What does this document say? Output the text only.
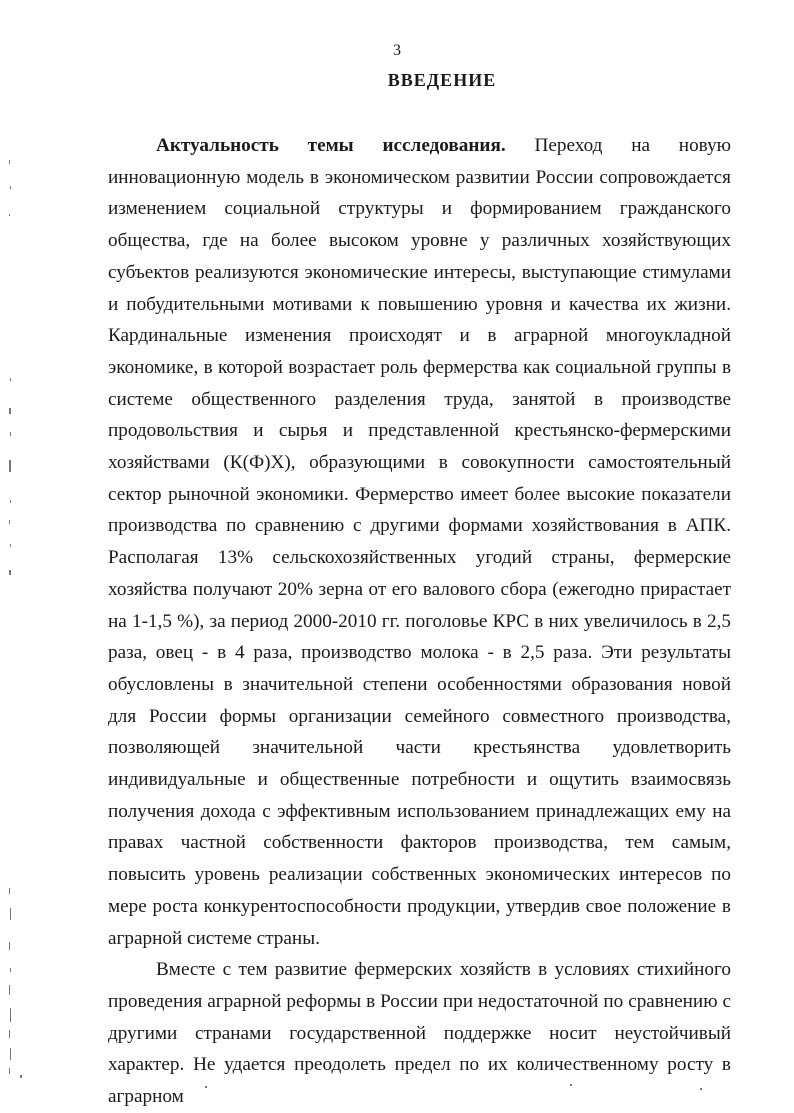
3
ВВЕДЕНИЕ

Актуальность темы исследования. Переход на новую инновационную модель в экономическом развитии России сопровождается изменением социальной структуры и формированием гражданского общества, где на более высоком уровне у различных хозяйствующих субъектов реализуются экономические интересы, выступающие стимулами и побудительными мотивами к повышению уровня и качества их жизни. Кардинальные изменения происходят и в аграрной многоукладной экономике, в которой возрастает роль фермерства как социальной группы в системе общественного разделения труда, занятой в производстве продовольствия и сырья и представленной крестьянско-фермерскими хозяйствами (К(Ф)Х), образующими в совокупности самостоятельный сектор рыночной экономики. Фермерство имеет более высокие показатели производства по сравнению с другими формами хозяйствования в АПК. Располагая 13% сельскохозяйственных угодий страны, фермерские хозяйства получают 20% зерна от его валового сбора (ежегодно прирастает на 1-1,5 %), за период 2000-2010 гг. поголовье КРС в них увеличилось в 2,5 раза, овец - в 4 раза, производство молока - в 2,5 раза. Эти результаты обусловлены в значительной степени особенностями образования новой для России формы организации семейного совместного производства, позволяющей значительной части крестьянства удовлетворить индивидуальные и общественные потребности и ощутить взаимосвязь получения дохода с эффективным использованием принадлежащих ему на правах частной собственности факторов производства, тем самым, повысить уровень реализации собственных экономических интересов по мере роста конкурентоспособности продукции, утвердив свое положение в аграрной системе страны.

Вместе с тем развитие фермерских хозяйств в условиях стихийного проведения аграрной реформы в России при недостаточной по сравнению с другими странами государственной поддержке носит неустойчивый характер. Не удается преодолеть предел по их количественному росту в аграрном
